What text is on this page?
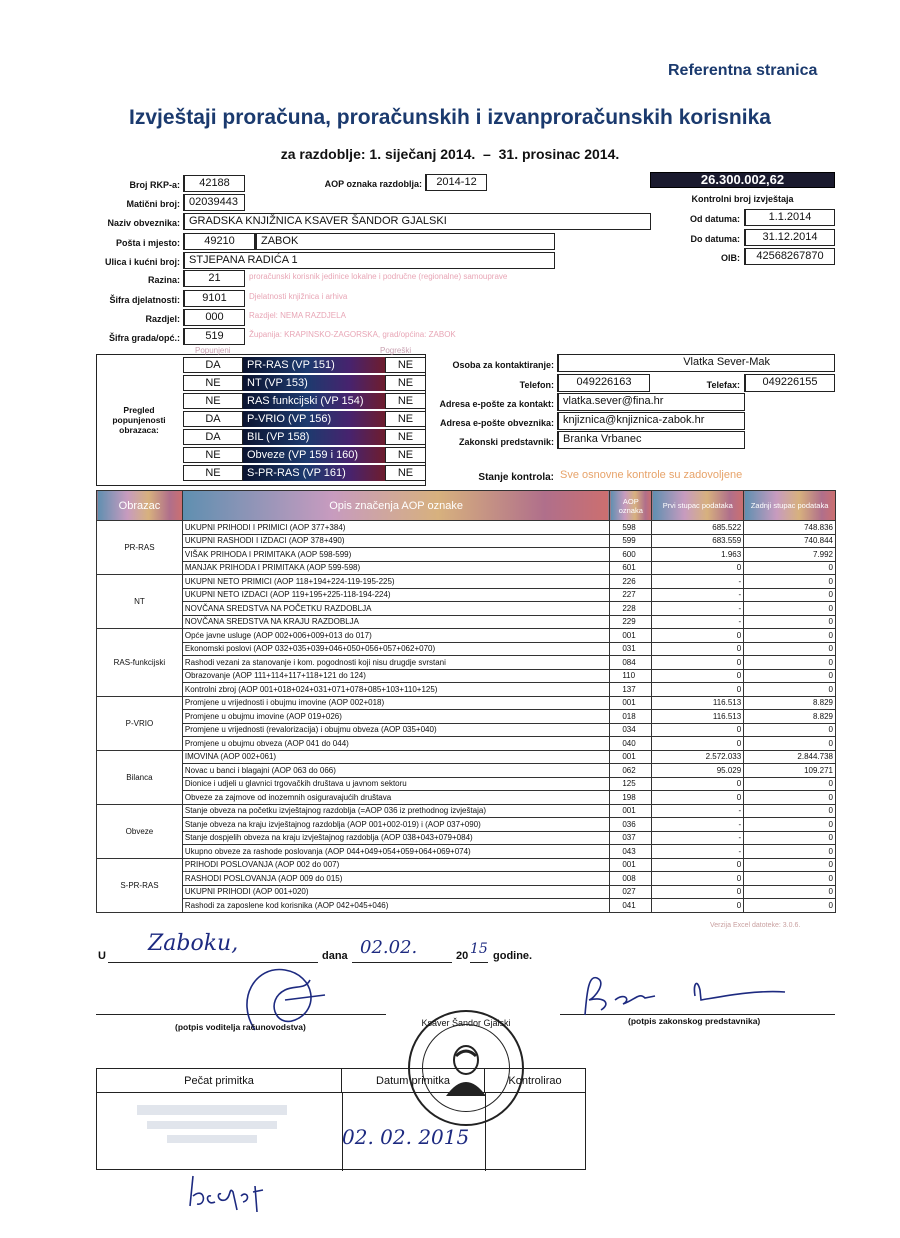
Referentna stranica
Izvještaji proračuna, proračunskih i izvanproračunskih korisnika
za razdoblje: 1. siječanj 2014. – 31. prosinac 2014.
Broj RKP-a:	42188	AOP oznaka razdoblja:	2014-12
Matični broj: 02039443
Naziv obveznika: GRADSKA KNJIŽNICA KSAVER ŠANDOR GJALSKI
Pošta i mjesto:	49210	ZABOK
Ulica i kućni broj: STJEPANA RADIĆA 1
Razina:	21	proračunski korisnik jedinice lokalne i područne (regionalne) samouprave
Šifra djelatnosti:	9101	Djelatnosti knjižnica i arhiva
Razdjel:	000	Razdjel: NEMA RAZDJELA
Šifra grada/opć.:	519	Županija: KRAPINSKO-ZAGORSKA, grad/općina: ZABOK
26.300.002,62
Kontrolni broj izvještaja
Od datuma:	1.1.2014
Do datuma:	31.12.2014
OIB:	42568267870
Pregled popunjenosti obrazaca:
Popunjeni	Pogreški
DA	PR-RAS (VP 151)	NE
NE	NT (VP 153)	NE
NE	RAS funkcijski (VP 154)	NE
DA	P-VRIO (VP 156)	NE
DA	BIL (VP 158)	NE
NE	Obveze (VP 159 i 160)	NE
NE	S-PR-RAS (VP 161)	NE
Osoba za kontaktiranje:	Vlatka Sever-Mak
Telefon:	049226163	Telefax:	049226155
Adresa e-pošte za kontakt: vlatka.sever@fina.hr
Adresa e-pošte obveznika: knjiznica@knjiznica-zabok.hr
Zakonski predstavnik: Branka Vrbanec
Stanje kontrola: Sve osnovne kontrole su zadovoljene
Obrazac	Opis značenja AOP oznake	AOP oznaka	Prvi stupac podataka	Zadnji stupac podataka
PR-RAS	UKUPNI PRIHODI I PRIMICI (AOP 377+384)	598	685.522	748.836
	UKUPNI RASHODI I IZDACI (AOP 378+490)	599	683.559	740.844
	VIŠAK PRIHODA I PRIMITAKA (AOP 598-599)	600	1.963	7.992
	MANJAK PRIHODA I PRIMITAKA (AOP 599-598)	601	0	0
NT	UKUPNI NETO PRIMICI (AOP 118+194+224-119-195-225)	226	-	0
	UKUPNI NETO IZDACI (AOP 119+195+225-118-194-224)	227	-	0
	NOVČANA SREDSTVA NA POČETKU RAZDOBLJA	228	-	0
	NOVČANA SREDSTVA NA KRAJU RAZDOBLJA	229	-	0
RAS-funkcijski	Opće javne usluge (AOP 002+006+009+013 do 017)	001	0	0
	Ekonomski poslovi (AOP 032+035+039+046+050+056+057+062+070)	031	0	0
	Rashodi vezani za stanovanje i kom. pogodnosti koji nisu drugdje svrstani	084	0	0
	Obrazovanje (AOP 111+114+117+118+121 do 124)	110	0	0
	Kontrolni zbroj (AOP 001+018+024+031+071+078+085+103+110+125)	137	0	0
P-VRIO	Promjene u vrijednosti i obujmu imovine (AOP 002+018)	001	116.513	8.829
	Promjene u obujmu imovine (AOP 019+026)	018	116.513	8.829
	Promjene u vrijednosti (revalorizacija) i obujmu obveza (AOP 035+040)	034	0	0
	Promjene u obujmu obveza (AOP 041 do 044)	040	0	0
Bilanca	IMOVINA (AOP 002+061)	001	2.572.033	2.844.738
	Novac u banci i blagajni (AOP 063 do 066)	062	95.029	109.271
	Dionice i udjeli u glavnici trgovačkih društava u javnom sektoru	125	0	0
	Obveze za zajmove od inozemnih osiguravajućih društava	198	0	0
Obveze	Stanje obveza na početku izvještajnog razdoblja (=AOP 036 iz prethodnog izvještaja)	001	-	0
	Stanje obveza na kraju izvještajnog razdoblja (AOP 001+002-019) i (AOP 037+090)	036	-	0
	Stanje dospjelih obveza na kraju izvještajnog razdoblja (AOP 038+043+079+084)	037	-	0
	Ukupno obveze za rashode poslovanja (AOP 044+049+054+059+064+069+074)	043	-	0
S-PR-RAS	PRIHODI POSLOVANJA (AOP 002 do 007)	001	0	0
	RASHODI POSLOVANJA (AOP 009 do 015)	008	0	0
	UKUPNI PRIHODI (AOP 001+020)	027	0	0
	Rashodi za zaposlene kod korisnika (AOP 042+045+046)	041	0	0
Verzija Excel datoteke: 3.0.6.
U Zaboku,	dana 02.02.	20 15 godine.
(potpis voditelja računovodstva)
(potpis zakonskog predstavnika)
Pečat primitka	Datum primitka	Kontrolirao
02. 02. 2015
Ksaver Šandor Gjalski
